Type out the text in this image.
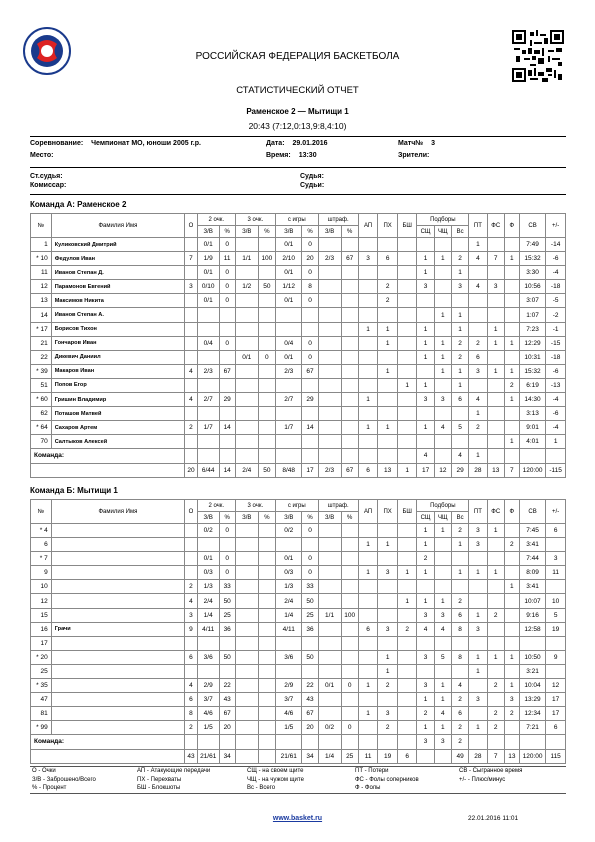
РОССИЙСКАЯ ФЕДЕРАЦИЯ БАСКЕТБОЛА
СТАТИСТИЧЕСКИЙ ОТЧЕТ
Раменское 2 — Мытищи 1
20:43 (7:12,0:13,9:8,4:10)
Соревнование: Чемпионат МО, юноши 2005 г.р.	Дата: 29.01.2016	Матч№ 3
Место:	Время: 13:30	Зрители:
Ст.судья:	Судья:
Комиссар:	Судьи:
Команда А: Раменское 2
№	Фамилия Имя	О	2 очк.		3 очк.		с игры		штраф.		АП	ПХ	БШ	Подборы			ПТ	ФС	Ф	СВ	+/-
			З/В	%	З/В	%	З/В	%	З/В	%				СЩ	ЧЩ	Вс					
1	Куликовский Дмитрий		0/1	0			0/1	0									1			7:49	-14
* 10	Федулов Иван	7	1/9	11	1/1	100	2/10	20	2/3	67	3	6		1	1	2	4	7	1	15:32	-6
11	Иванов Степан Д.		0/1	0			0/1	0						1		1				3:30	-4
12	Парамонов Евгений	3	0/10	0	1/2	50	1/12	8				2		3		3	4	3		10:56	-18
13	Максимов Никита		0/1	0			0/1	0				2								3:07	-5
14	Иванов Степан А.														1	1				1:07	-2
* 17	Борисов Тихон										1	1		1		1		1		7:23	-1
21	Гончаров Иван		0/4	0			0/4	0				1		1	1	2	2	1	1	12:29	-15
22	Дикевич Даниил				0/1	0	0/1	0						1	1	2	6			10:31	-18
* 39	Макаров Иван	4	2/3	67			2/3	67				1			1	1	3	1	1	15:32	-6
51	Попов Егор												1	1		1			2	6:19	-13
* 60	Гришин Владимир	4	2/7	29			2/7	29			1			3	3	6	4		1	14:30	-4
62	Поташов Матвей																1			3:13	-6
* 64	Сахаров Артем	2	1/7	14			1/7	14			1	1		1	4	5	2			9:01	-4
70	Салтыков Алексей																		1	4:01	1
Команда:														4		4	1				
		20	6/44	14	2/4	50	8/48	17	2/3	67	6	13	1	17	12	29	28	13	7	120:00	-115
Команда Б: Мытищи 1
№	Фамилия Имя	О	2 очк.		3 очк.		с игры		штраф.		АП	ПХ	БШ	Подборы			ПТ	ФС	Ф	СВ	+/-
			З/В	%	З/В	%	З/В	%	З/В	%				СЩ	ЧЩ	Вс					
* 4			0/2	0			0/2	0						1	1	2	3	1		7:45	6
6											1	1		1		1	3		2	3:41	
* 7			0/1	0			0/1	0						2						7:44	3
9			0/3	0			0/3	0			1	3	1	1		1	1	1		8:09	11
10		2	1/3	33			1/3	33											1	3:41	
12		4	2/4	50			2/4	50					1	1	1	2				10:07	10
15		3	1/4	25			1/4	25	1/1	100				3	3	6	1	2		9:16	5
16	Грачи	9	4/11	36			4/11	36			6	3	2	4	4	8	3			12:58	19
17																					
* 20		6	3/6	50			3/6	50				1		3	5	8	1	1	1	10:50	9
25												1					1			3:21	
* 35		4	2/9	22			2/9	22	0/1	0	1	2		3	1	4		2	1	10:04	12
47		6	3/7	43			3/7	43						1	1	2	3		3	13:29	17
81		8	4/6	67			4/6	67			1	3		2	4	6		2	2	12:34	17
* 99		2	1/5	20			1/5	20	0/2	0		2		1	1	2	1	2		7:21	6
Команда:														3	3	2					
		43	21/61	34			21/61	34	1/4	25	11	19	6			49	28	7	13	120:00	115
О - Очки	АП - Атакующие передачи	СЩ - на своем щите	ПТ - Потери	СВ - Сыгранное время
З/В - Заброшено/Всего	ПХ - Перехваты	ЧЩ - на чужом щите	ФС - Фолы соперников	+/- - Плюс/минус
% - Процент	БШ - Блокшоты	Вс - Всего	Ф - Фолы
www.basket.ru	22.01.2016 11:01
